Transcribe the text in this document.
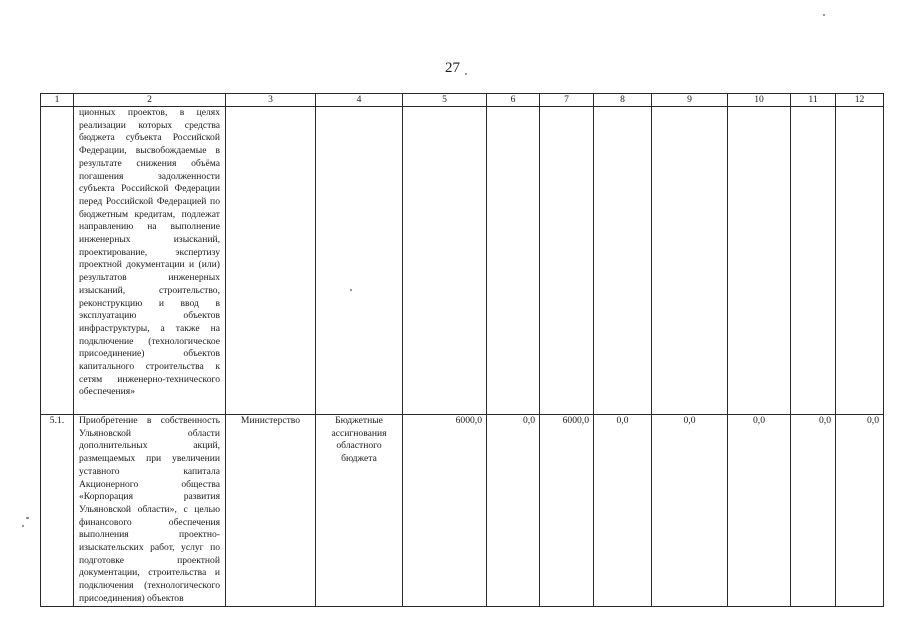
27
1	2	3	4	5	6	7	8	9	10	11	12
	ционных проектов, в целях реализации которых средства бюджета субъекта Российской Федерации, высвобождаемые в результате снижения объёма погашения задолженности субъекта Российской Федерации перед Российской Федерацией по бюджетным кредитам, подлежат направлению на выполнение инженерных изысканий, проектирование, экспертизу проектной документации и (или) результатов инженерных изысканий, строительство, реконструкцию и ввод в эксплуатацию объектов инфраструктуры, а также на подключение (технологическое присоединение) объектов капитального строительства к сетям инженерно-технического обеспечения»										
5.1.	Приобретение в собственность Ульяновской области дополнительных акций, размещаемых при увеличении уставного капитала Акционерного общества «Корпорация развития Ульяновской области», с целью финансового обеспечения выполнения проектно-изыскательских работ, услуг по подготовке проектной документации, строительства и подключения (технологического присоединения) объектов	Министерство	Бюджетные ассигнования областного бюджета	6000,0	0,0	6000,0	0,0	0,0	0,0	0,0	0,0
